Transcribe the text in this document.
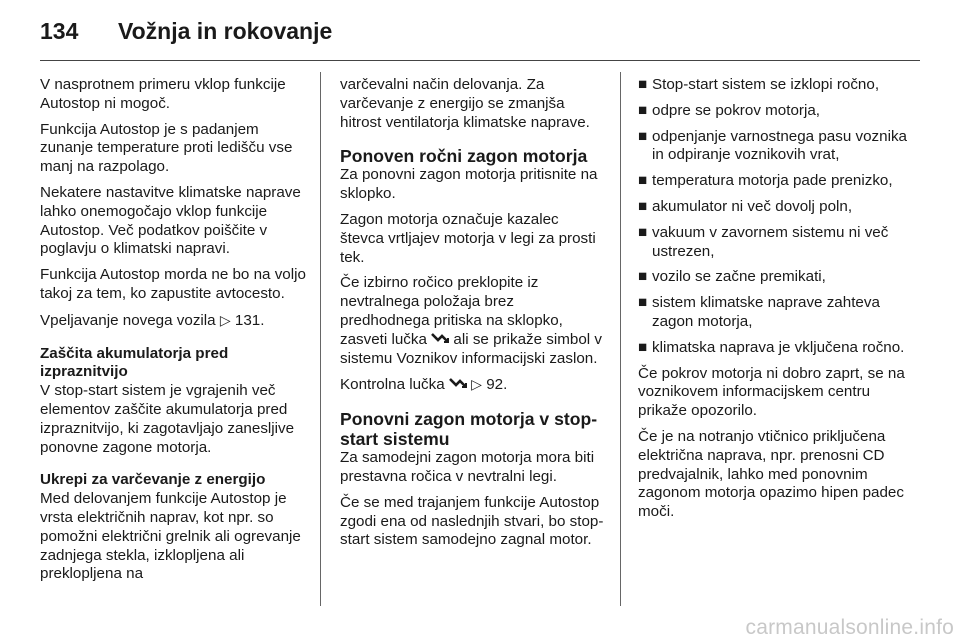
134 Vožnja in rokovanje

V nasprotnem primeru vklop funkcije Autostop ni mogoč.

Funkcija Autostop je s padanjem zunanje temperature proti ledišču vse manj na razpolago.

Nekatere nastavitve klimatske naprave lahko onemogočajo vklop funkcije Autostop. Več podatkov poiščite v poglavju o klimatski napravi.

Funkcija Autostop morda ne bo na voljo takoj za tem, ko zapustite avtocesto.

Vpeljavanje novega vozila ▷ 131.

Zaščita akumulatorja pred izpraznitvijo

V stop-start sistem je vgrajenih več elementov zaščite akumulatorja pred izpraznitvijo, ki zagotavljajo zanesljive ponovne zagone motorja.

Ukrepi za varčevanje z energijo

Med delovanjem funkcije Autostop je vrsta električnih naprav, kot npr. so pomožni električni grelnik ali ogrevanje zadnjega stekla, izklopljena ali preklopljena na

varčevalni način delovanja. Za varčevanje z energijo se zmanjša hitrost ventilatorja klimatske naprave.

Ponoven ročni zagon motorja

Za ponovni zagon motorja pritisnite na sklopko.

Zagon motorja označuje kazalec števca vrtljajev motorja v legi za prosti tek.

Če izbirno ročico preklopite iz nevtralnega položaja brez predhodnega pritiska na sklopko, zasveti lučka ali se prikaže simbol v sistemu Voznikov informacijski zaslon.

Kontrolna lučka ▷ 92.

Ponovni zagon motorja v stop-start sistemu

Za samodejni zagon motorja mora biti prestavna ročica v nevtralni legi.

Če se med trajanjem funkcije Autostop zgodi ena od naslednjih stvari, bo stop-start sistem samodejno zagnal motor.

■ Stop-start sistem se izklopi ročno,
■ odpre se pokrov motorja,
■ odpenjanje varnostnega pasu voznika in odpiranje voznikovih vrat,
■ temperatura motorja pade prenizko,
■ akumulator ni več dovolj poln,
■ vakuum v zavornem sistemu ni več ustrezen,
■ vozilo se začne premikati,
■ sistem klimatske naprave zahteva zagon motorja,
■ klimatska naprava je vključena ročno.

Če pokrov motorja ni dobro zaprt, se na voznikovem informacijskem centru prikaže opozorilo.

Če je na notranjo vtičnico priključena električna naprava, npr. prenosni CD predvajalnik, lahko med ponovnim zagonom motorja opazimo hipen padec moči.

carmanualsonline.info
